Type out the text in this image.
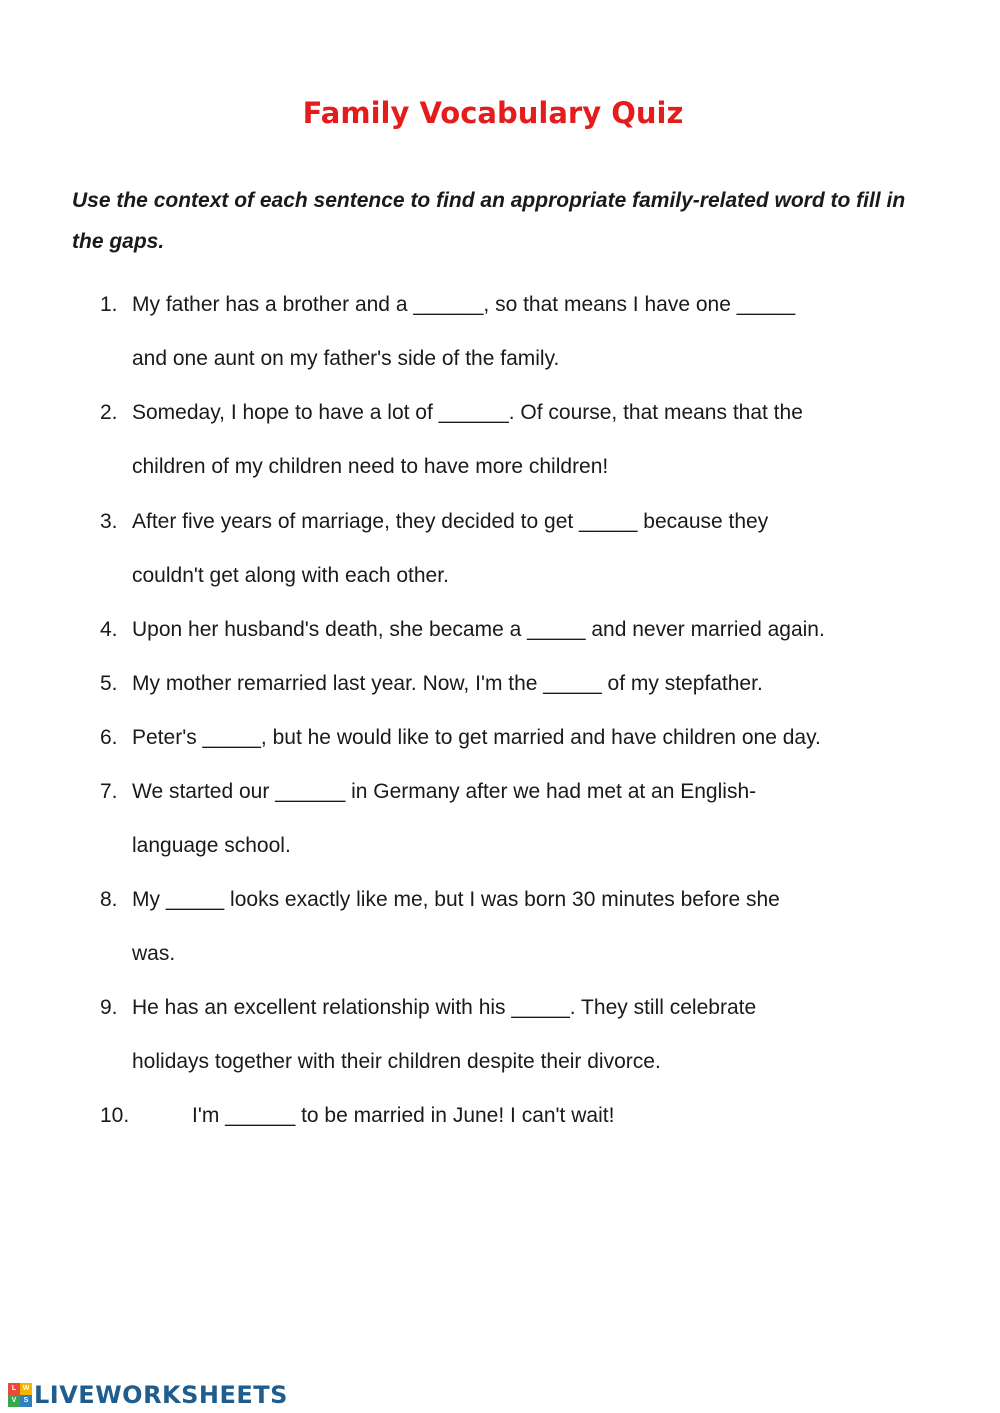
Family Vocabulary Quiz
Use the context of each sentence to find an appropriate family-related word to fill in the gaps.
1. My father has a brother and a ______, so that means I have one _____
and one aunt on my father's side of the family.
2. Someday, I hope to have a lot of ______. Of course, that means that the
children of my children need to have more children!
3. After five years of marriage, they decided to get _____ because they
couldn't get along with each other.
4. Upon her husband's death, she became a _____ and never married again.
5. My mother remarried last year. Now, I'm the _____ of my stepfather.
6. Peter's _____, but he would like to get married and have children one day.
7. We started our ______ in Germany after we had met at an English-
language school.
8. My _____ looks exactly like me, but I was born 30 minutes before she
was.
9. He has an excellent relationship with his _____. They still celebrate
holidays together with their children despite their divorce.
10.	I'm ______ to be married in June! I can't wait!
L W
V	S LIVEWORKSHEETS
